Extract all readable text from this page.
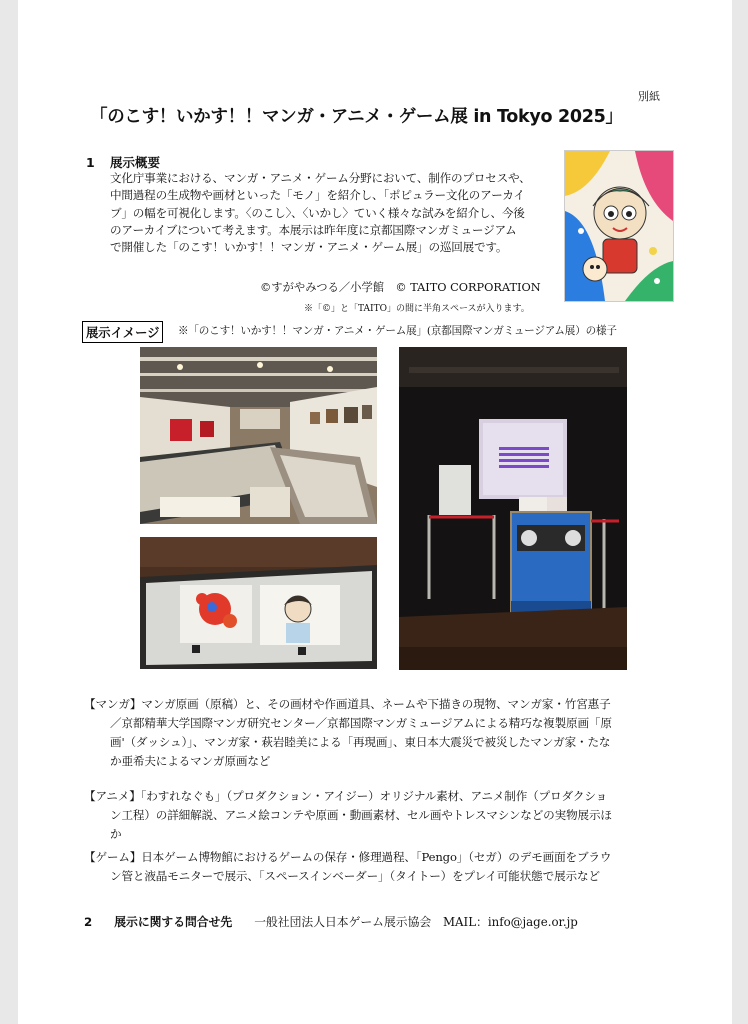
別紙
「のこす！いかす！！マンガ・アニメ・ゲーム展 in Tokyo 2025」
1 展示概要
文化庁事業における、マンガ・アニメ・ゲーム分野において、制作のプロセスや、
中間過程の生成物や画材といった「モノ」を紹介し、「ポピュラー文化のアーカイ
ブ」の幅を可視化します。〈のこし〉、〈いかし〉ていく様々な試みを紹介し、今後
のアーカイブについて考えます。本展示は昨年度に京都国際マンガミュージアム
で開催した「のこす！いかす！！マンガ・アニメ・ゲーム展」の巡回展です。
©すがやみつる／小学館　© TAITO CORPORATION
※「©」と「TAITO」の間に半角スペースが入ります。
展示イメージ	※「のこす！いかす！！マンガ・アニメ・ゲーム展」(京都国際マンガミュージアム展）の様子
【マンガ】マンガ原画（原稿）と、その画材や作画道具、ネームや下描きの現物、マンガ家・竹宮惠子
／京都精華大学国際マンガ研究センター／京都国際マンガミュージアムによる精巧な複製原画「原
画'（ダッシュ）」、マンガ家・萩岩睦美による「再現画」、東日本大震災で被災したマンガ家・たな
か亜希夫によるマンガ原画など
【アニメ】「わすれなぐも」（プロダクション・アイジー）オリジナル素材、アニメ制作（プロダクショ
ン工程）の詳細解説、アニメ絵コンテや原画・動画素材、セル画やトレスマシンなどの実物展示ほ
か
【ゲーム】日本ゲーム博物館におけるゲームの保存・修理過程、「Pengo」（セガ）のデモ画面をブラウ
ン管と液晶モニターで展示、「スペースインベーダー」（タイトー）をプレイ可能状態で展示など
2 展示に関する問合せ先 一般社団法人日本ゲーム展示協会　MAIL：info@jage.or.jp
